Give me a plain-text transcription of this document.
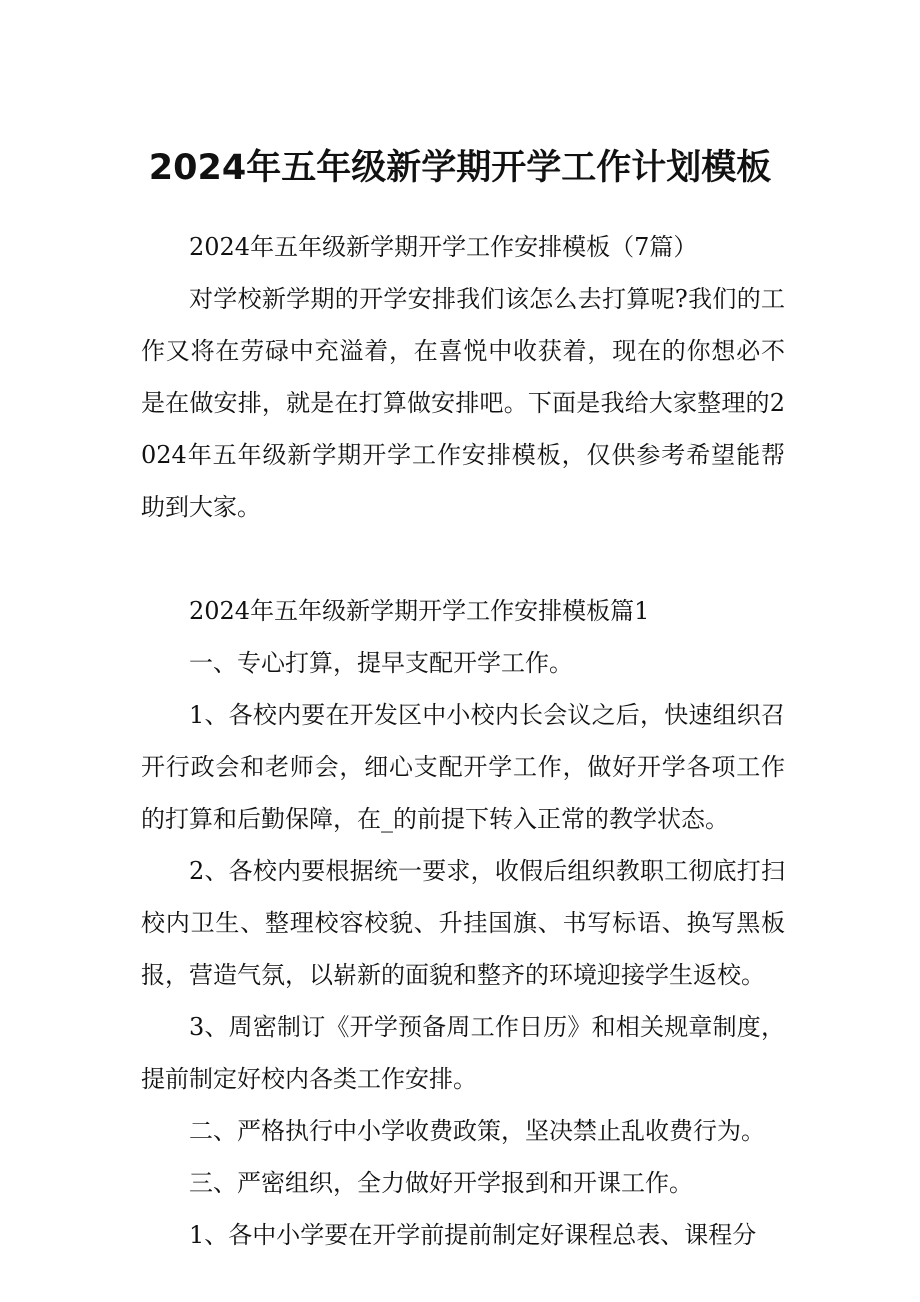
2024年五年级新学期开学工作计划模板

2024年五年级新学期开学工作安排模板（7篇）

对学校新学期的开学安排我们该怎么去打算呢?我们的工作又将在劳碌中充溢着，在喜悦中收获着，现在的你想必不是在做安排，就是在打算做安排吧。下面是我给大家整理的2024年五年级新学期开学工作安排模板，仅供参考希望能帮助到大家。

2024年五年级新学期开学工作安排模板篇1

一、专心打算，提早支配开学工作。

1、各校内要在开发区中小校内长会议之后，快速组织召开行政会和老师会，细心支配开学工作，做好开学各项工作的打算和后勤保障，在_的前提下转入正常的教学状态。

2、各校内要根据统一要求，收假后组织教职工彻底打扫校内卫生、整理校容校貌、升挂国旗、书写标语、换写黑板报，营造气氛，以崭新的面貌和整齐的环境迎接学生返校。

3、周密制订《开学预备周工作日历》和相关规章制度，提前制定好校内各类工作安排。

二、严格执行中小学收费政策，坚决禁止乱收费行为。

三、严密组织，全力做好开学报到和开课工作。

1、各中小学要在开学前提前制定好课程总表、课程分
